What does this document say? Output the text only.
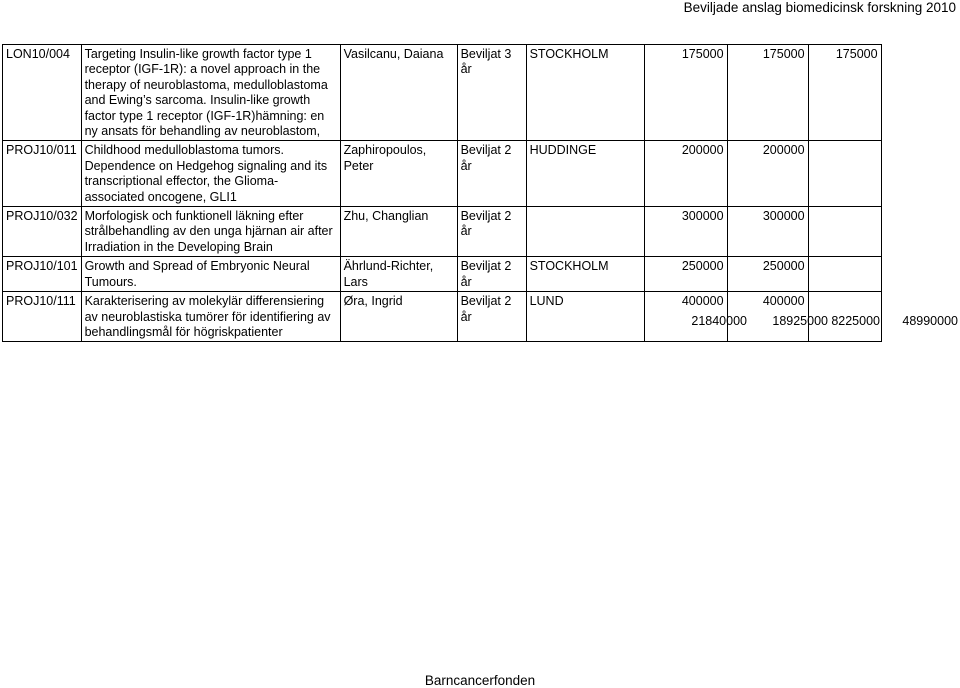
Beviljade anslag biomedicinsk forskning 2010
LON10/004	Targeting Insulin-like growth factor type 1 receptor (IGF-1R): a novel approach in the therapy of neuroblastoma, medulloblastoma and Ewing’s sarcoma. Insulin-like growth factor type 1 receptor (IGF-1R)hämning: en ny ansats för behandling av neuroblastom,	Vasilcanu, Daiana	Beviljat 3 år	STOCKHOLM	175000	175000	175000
PROJ10/011	Childhood medulloblastoma tumors. Dependence on Hedgehog signaling and its transcriptional effector, the Glioma-associated oncogene, GLI1	Zaphiropoulos, Peter	Beviljat 2 år	HUDDINGE	200000	200000	
PROJ10/032	Morfologisk och funktionell läkning efter strålbehandling av den unga hjärnan air after Irradiation in the Developing Brain	Zhu, Changlian	Beviljat 2 år		300000	300000	
PROJ10/101	Growth and Spread of Embryonic Neural Tumours.	Ährlund-Richter, Lars	Beviljat 2 år	STOCKHOLM	250000	250000	
PROJ10/111	Karakterisering av molekylär differensiering av neuroblastiska tumörer för identifiering av behandlingsmål för högriskpatienter	Øra, Ingrid	Beviljat 2 år	LUND	400000	400000	
21840000 18925000 8225000 48990000
Barncancerfonden
